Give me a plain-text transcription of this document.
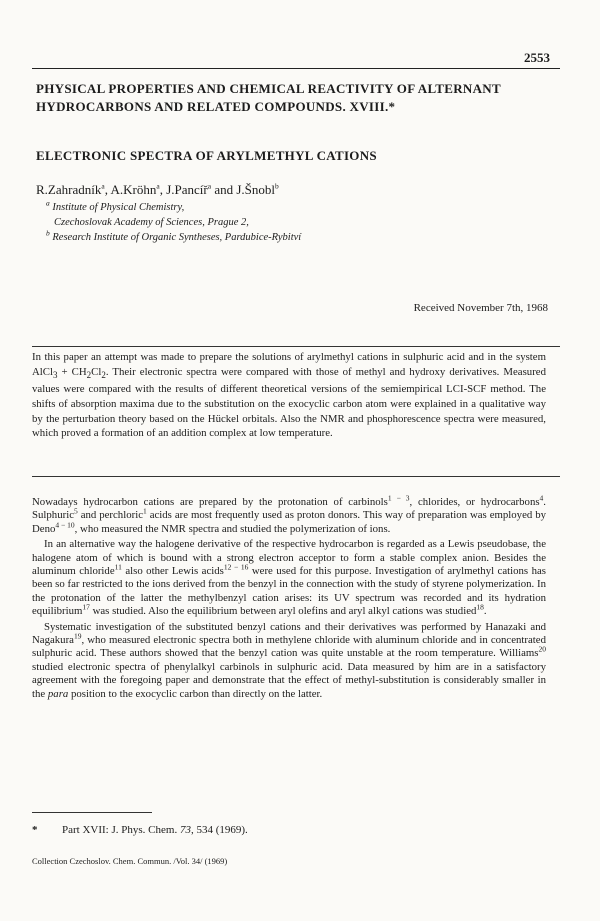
2553
PHYSICAL PROPERTIES AND CHEMICAL REACTIVITY OF ALTERNANT HYDROCARBONS AND RELATED COMPOUNDS. XVIII.*
ELECTRONIC SPECTRA OF ARYLMETHYL CATIONS
R.Zahradník$^a$, A.Kröhn$^a$, J.Pancíř$^a$ and J.Šnobl$^b$
$^a$ Institute of Physical Chemistry,
Czechoslovak Academy of Sciences, Prague 2,
$^b$ Research Institute of Organic Syntheses, Pardubice-Rybitví
Received November 7th, 1968

In this paper an attempt was made to prepare the solutions of arylmethyl cations in sulphuric acid and in the system AlCl$_3$ + $CH_2Cl_2$. Their electronic spectra were compared with those of methyl and hydroxy derivatives. Measured values were compared with the results of different theoretical versions of the semiempirical LCI-SCF method. The shifts of absorption maxima due to the substitution on the exocyclic carbon atom were explained in a qualitative way by the perturbation theory based on the Hückel orbitals. Also the NMR and phosphorescence spectra were measured, which proved a formation of an addition complex at low temperature.

Nowadays hydrocarbon cations are prepared by the protonation of carbinols$^{1 - 3}$, chlorides, or hydrocarbons$^4$. Sulphuric$^5$ and perchloric$^1$ acids are most frequently used as proton donors. This way of preparation was employed by Deno$^{4 - 10}$, who measured the NMR spectra and studied the polymerization of ions.

In an alternative way the halogene derivative of the respective hydrocarbon is regarded as a Lewis pseudobase, the halogene atom of which is bound with a strong electron acceptor to form a stable complex anion. Besides the aluminum chloride$^{11}$ also other Lewis acids$^{12 - 16}$ were used for this purpose. Investigation of arylmethyl cations has been so far restricted to the ions derived from the benzyl in the connection with the study of styrene polymerization. In the protonation of the latter the methylbenzyl cation arises: its UV spectrum was recorded and its hydration equilibrium$^{17}$ was studied. Also the equilibrium between aryl olefins and aryl alkyl cations was studied$^{18}$.

Systematic investigation of the substituted benzyl cations and their derivatives was performed by Hanazaki and Nagakura$^{19}$, who measured electronic spectra both in methylene chloride with aluminum chloride and in concentrated sulphuric acid. These authors showed that the benzyl cation was quite unstable at the room temperature. Williams$^{20}$ studied electronic spectra of phenylalkyl carbinols in sulphuric acid. Data measured by him are in a satisfactory agreement with the foregoing paper and demonstrate that the effect of methyl-substitution is considerably smaller in the para position to the exocyclic carbon than directly on the latter.

* Part XVII: J. Phys. Chem. 73, 534 (1969).
Collection Czechoslov. Chem. Commun. /Vol. 34/ (1969)
